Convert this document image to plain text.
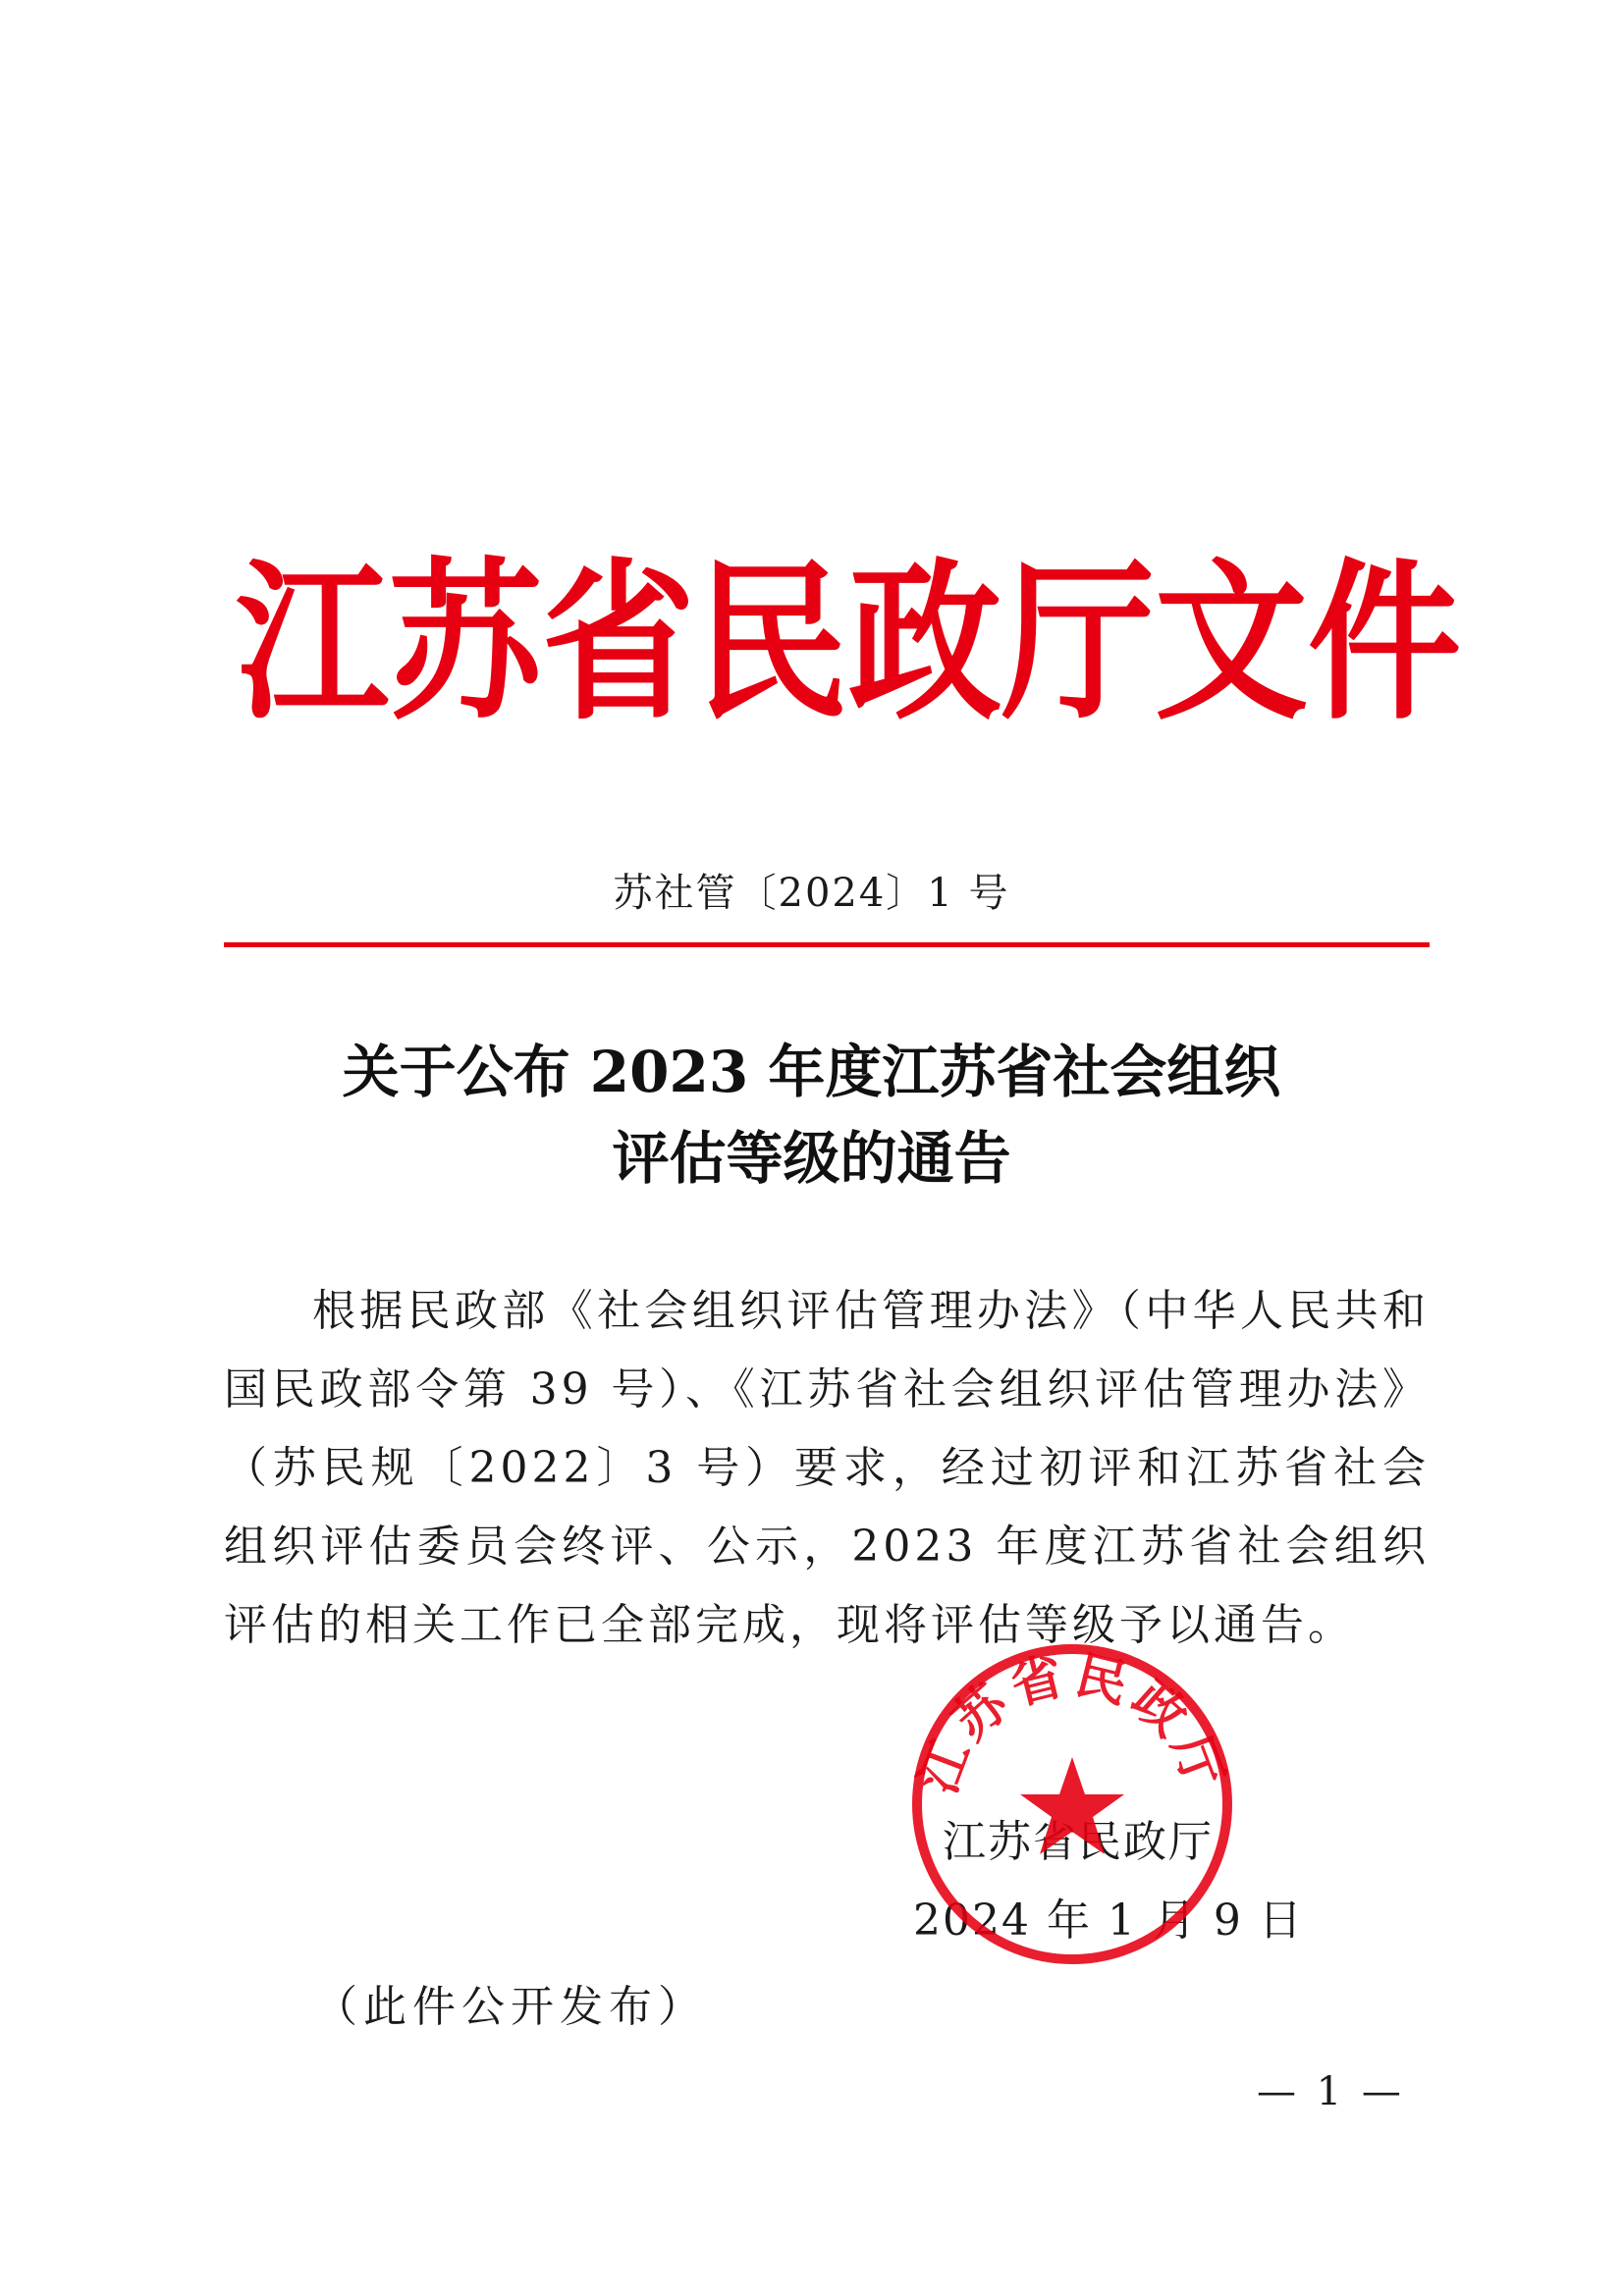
江 苏 省 民 政 厅 文 件
苏社管〔2024〕1 号
关于公布 2023 年度江苏省社会组织
评估等级的通告

根据民政部《社会组织评估管理办法》（中华人民共和国民政部令第 39 号）、《江苏省社会组织评估管理办法》（苏民规〔2022〕3 号）要求，经过初评和江苏省社会组织评估委员会终评、公示，2023 年度江苏省社会组织评估的相关工作已全部完成，现将评估等级予以通告。

江苏省民政厅
2024 年 1 月 9 日
江苏省民政厅
（此件公开发布）
— 1 —
